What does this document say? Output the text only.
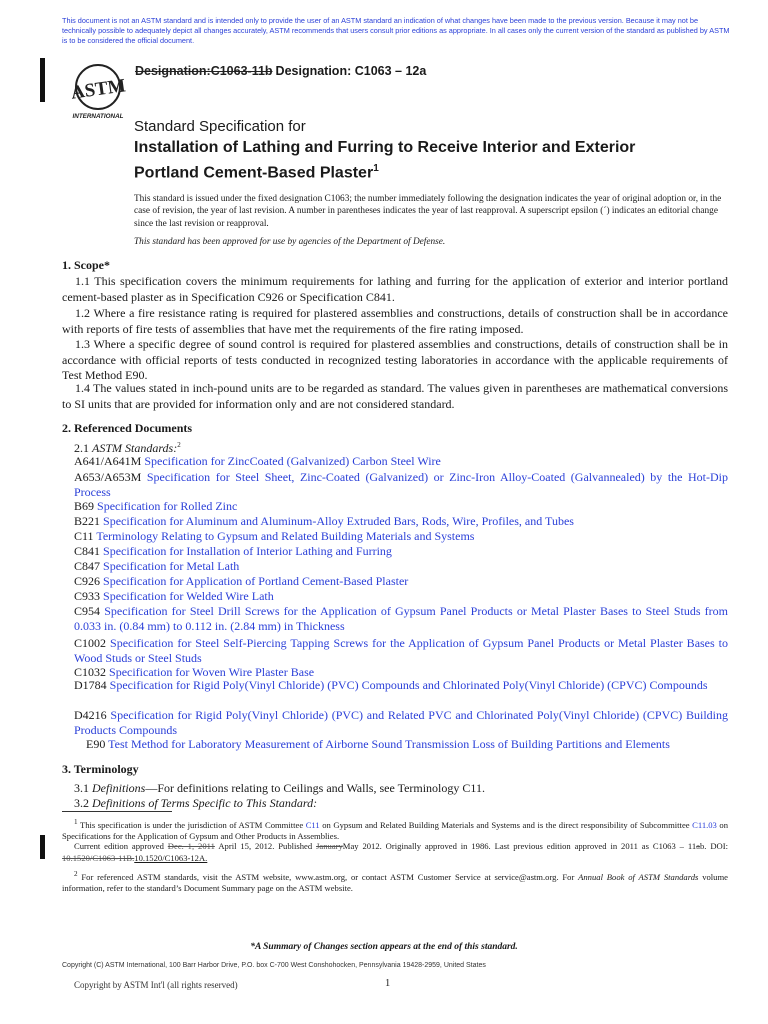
This document is not an ASTM standard and is intended only to provide the user of an ASTM standard an indication of what changes have been made to the previous version. Because it may not be technically possible to adequately depict all changes accurately, ASTM recommends that users consult prior editions as appropriate. In all cases only the current version of the standard as published by ASTM is to be considered the official document.
ASTM
INTERNATIONAL
Designation:C1063-11b Designation: C1063 – 12a
Standard Specification for
Installation of Lathing and Furring to Receive Interior and Exterior Portland Cement-Based Plaster$^1$
This standard is issued under the fixed designation C1063; the number immediately following the designation indicates the year of original adoption or, in the case of revision, the year of last revision. A number in parentheses indicates the year of last reapproval. A superscript epsilon (´) indicates an editorial change since the last revision or reapproval.
This standard has been approved for use by agencies of the Department of Defense.
1. Scope*
1.1 This specification covers the minimum requirements for lathing and furring for the application of exterior and interior portland cement-based plaster as in Specification C926 or Specification C841.
1.2 Where a fire resistance rating is required for plastered assemblies and constructions, details of construction shall be in accordance with reports of fire tests of assemblies that have met the requirements of the fire rating imposed.
1.3 Where a specific degree of sound control is required for plastered assemblies and constructions, details of construction shall be in accordance with official reports of tests conducted in recognized testing laboratories in accordance with the applicable requirements of Test Method E90.
1.4 The values stated in inch-pound units are to be regarded as standard. The values given in parentheses are mathematical conversions to SI units that are provided for information only and are not considered standard.
2. Referenced Documents
2.1 ASTM Standards:$^2$
A641/A641M Specification for ZincCoated (Galvanized) Carbon Steel Wire
A653/A653M Specification for Steel Sheet, Zinc-Coated (Galvanized) or Zinc-Iron Alloy-Coated (Galvannealed) by the Hot-Dip Process
B69 Specification for Rolled Zinc
B221 Specification for Aluminum and Aluminum-Alloy Extruded Bars, Rods, Wire, Profiles, and Tubes
C11 Terminology Relating to Gypsum and Related Building Materials and Systems
C841 Specification for Installation of Interior Lathing and Furring
C847 Specification for Metal Lath
C926 Specification for Application of Portland Cement-Based Plaster
C933 Specification for Welded Wire Lath
C954 Specification for Steel Drill Screws for the Application of Gypsum Panel Products or Metal Plaster Bases to Steel Studs from 0.033 in. (0.84 mm) to 0.112 in. (2.84 mm) in Thickness
C1002 Specification for Steel Self-Piercing Tapping Screws for the Application of Gypsum Panel Products or Metal Plaster Bases to Wood Studs or Steel Studs
C1032 Specification for Woven Wire Plaster Base
D1784 Specification for Rigid Poly(Vinyl Chloride) (PVC) Compounds and Chlorinated Poly(Vinyl Chloride) (CPVC) Compounds
D4216 Specification for Rigid Poly(Vinyl Chloride) (PVC) and Related PVC and Chlorinated Poly(Vinyl Chloride) (CPVC) Building Products Compounds
E90 Test Method for Laboratory Measurement of Airborne Sound Transmission Loss of Building Partitions and Elements
3. Terminology
3.1 Definitions—For definitions relating to Ceilings and Walls, see Terminology C11.
3.2 Definitions of Terms Specific to This Standard:
$^1$ This specification is under the jurisdiction of ASTM Committee C11 on Gypsum and Related Building Materials and Systems and is the direct responsibility of Subcommittee C11.03 on Specifications for the Application of Gypsum and Other Products in Assemblies.
Current edition approved Dec. 1, 2011 April 15, 2012. Published JanuaryMay 2012. Originally approved in 1986. Last previous edition approved in 2011 as C1063 – 11ab. DOI: 10.1520/C1063-11B.10.1520/C1063-12A.
$^2$ For referenced ASTM standards, visit the ASTM website, www.astm.org, or contact ASTM Customer Service at service@astm.org. For Annual Book of ASTM Standards volume information, refer to the standard’s Document Summary page on the ASTM website.
*A Summary of Changes section appears at the end of this standard.
Copyright (C) ASTM International, 100 Barr Harbor Drive, P.O. box C-700 West Conshohocken, Pennsylvania 19428-2959, United States
Copyright by ASTM Int'l (all rights reserved)	1
